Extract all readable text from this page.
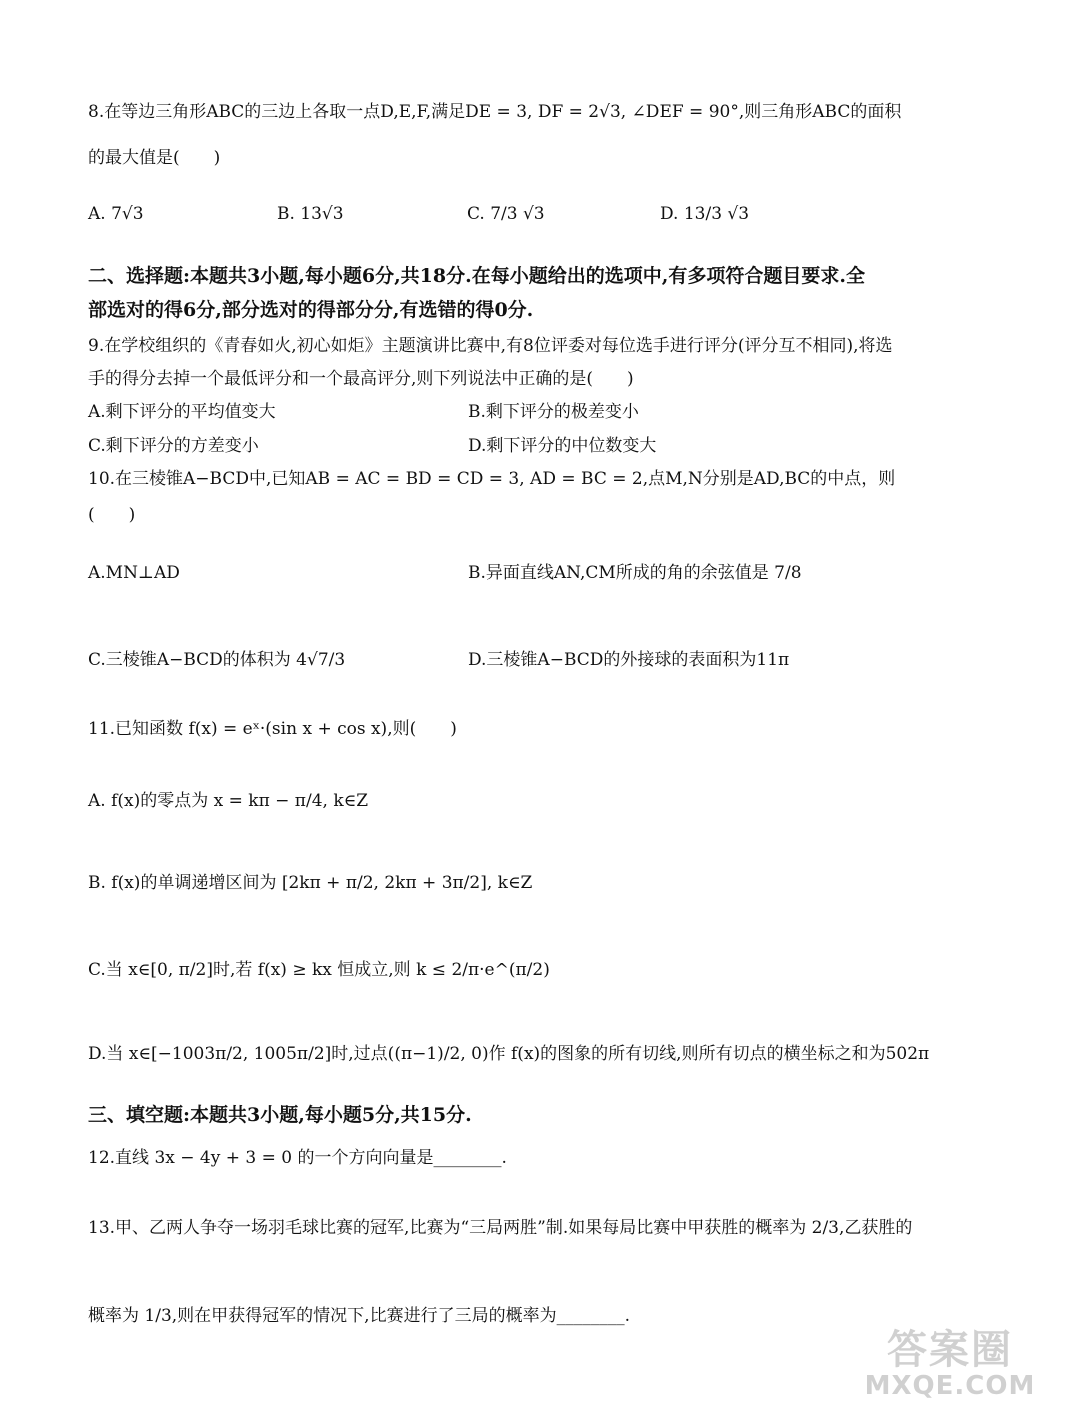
8.在等边三角形ABC的三边上各取一点D,E,F,满足DE = 3, DF = 2√3, ∠DEF = 90°,则三角形ABC的面积
的最大值是(　　)
A. 7√3	B. 13√3	C. 7/3 √3	D. 13/3 √3
二、选择题:本题共3小题,每小题6分,共18分.在每小题给出的选项中,有多项符合题目要求.全
部选对的得6分,部分选对的得部分分,有选错的得0分.
9.在学校组织的《青春如火,初心如炬》主题演讲比赛中,有8位评委对每位选手进行评分(评分互不相同),将选
手的得分去掉一个最低评分和一个最高评分,则下列说法中正确的是(　　)
A.剩下评分的平均值变大	B.剩下评分的极差变小
C.剩下评分的方差变小	D.剩下评分的中位数变大
10.在三棱锥A−BCD中,已知AB = AC = BD = CD = 3, AD = BC = 2,点M,N分别是AD,BC的中点，则
(　　)
A.MN⊥AD	B.异面直线AN,CM所成的角的余弦值是 7/8
C.三棱锥A−BCD的体积为 4√7/3	D.三棱锥A−BCD的外接球的表面积为11π
11.已知函数 f(x) = eˣ·(sin x + cos x),则(　　)
A. f(x)的零点为 x = kπ − π/4, k∈Z
B. f(x)的单调递增区间为 [2kπ + π/2, 2kπ + 3π/2], k∈Z
C.当 x∈[0, π/2]时,若 f(x) ≥ kx 恒成立,则 k ≤ 2/π·e^(π/2)
D.当 x∈[−1003π/2, 1005π/2]时,过点((π−1)/2, 0)作 f(x)的图象的所有切线,则所有切点的横坐标之和为502π
三、填空题:本题共3小题,每小题5分,共15分.
12.直线 3x − 4y + 3 = 0 的一个方向向量是________.
13.甲、乙两人争夺一场羽毛球比赛的冠军,比赛为“三局两胜”制.如果每局比赛中甲获胜的概率为 2/3,乙获胜的
概率为 1/3,则在甲获得冠军的情况下,比赛进行了三局的概率为________.
答案圈
MXQE.COM
